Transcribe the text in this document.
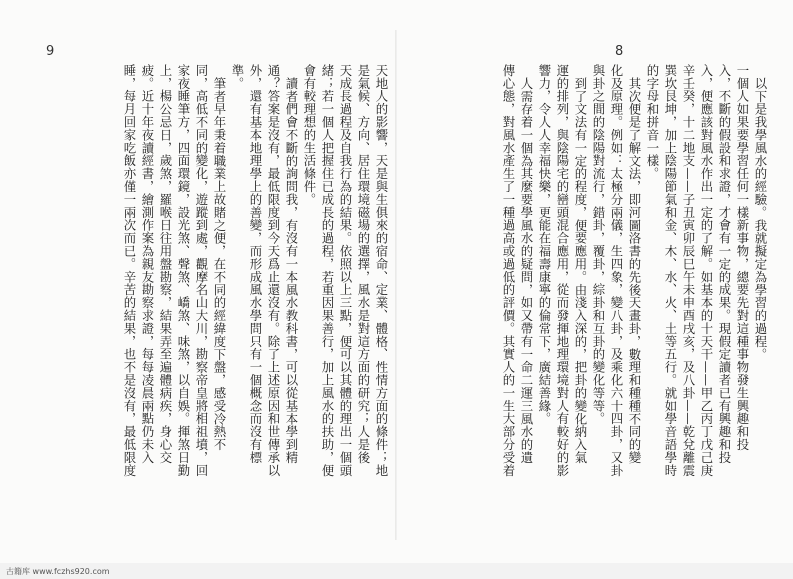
8
以下是我學風水的經驗。我就擬定為學習的過程。
一個人如果要學習任何一樣新事物，總要先對這種事物發生興趣和投
入，不斷的假設和求證，才會有一定的成果。現假定讀者已有興趣和投
入，便應該對風水作出一定的了解。如基本的十天干——甲乙丙丁戊己庚
辛壬癸，十二地支——子丑寅卯辰巳午未申酉戌亥，及八卦——乾兌離震
巽坎艮坤，加上陰陽節氣和金、木、水、火、土等五行。就如學音語學時
的字母和拼音一樣。
其次便是了解文法，即河圖洛書的先後天畫卦，數理和種種不同的變
化及原理。例如：太極分兩儀，生四象，變八卦，及乘化六十四卦，又卦
與卦之間的陰陽對流行，錯卦，覆卦，綜卦和互卦的變化等等。
到了文法有一定的程度，便要應用。由淺入深的，把卦的變化納入氣
運的排列，與陰陽宅的巒頭混合應用，從而發揮地理環境對人有較好的影
響力，令人人幸福快樂，更能在福壽康寧的倫常下，廣結善緣。
人需存着一個為其麼要學風水的疑問，如又帶有一命二運三風水的遺
傳心態，對風水產生了一種過高或過低的評價。其實人的一生大部分受着
9
天地人的影響，天是與生俱來的宿命、定業、體格、性情方面的條件；地
是氣候、方向、居住環境磁場的選擇，風水是對這方面的研究；人是後
天成長過程及自我行為的結果。依照以上三點，便可以其體的理出一個頭
緒；若一個人把握住已成長的過程，若重因果善行，加上風水的扶助，便
會有較理想的生活條件。
讀者們會不斷的詢問我，有沒有一本風水教科書，可以從基本學到精
通？答案是沒有，最低限度到今天爲止還沒有。除了上述原因和世傳承以
外，還有基本地理學上的善變，而形成風水學問只有一個概念而沒有標
準。
筆者早年秉着職業上故賭之便，在不同的經緯度下盤，感受冷熱不
同，高低不同的變化，遊蹤到處，觀摩名山大川，勘察帝皇將相祖墳，回
家夜睡筆方，四面環鏡，設光煞、聲煞、嶠煞、味煞，以自娛。揮煞日勤
上，楊公忌日，歲煞，羅喉日往用盤勘察，結果弄至遍體病疾，身心交
疲。近十年夜讀經書，繪測作案為親友勘察求證，每每凌晨兩點仍未入
睡，每月回家吃飯亦僅一兩次而已。辛苦的結果，也不是沒有，最低限度
古籍库 www.fczhs920.com
